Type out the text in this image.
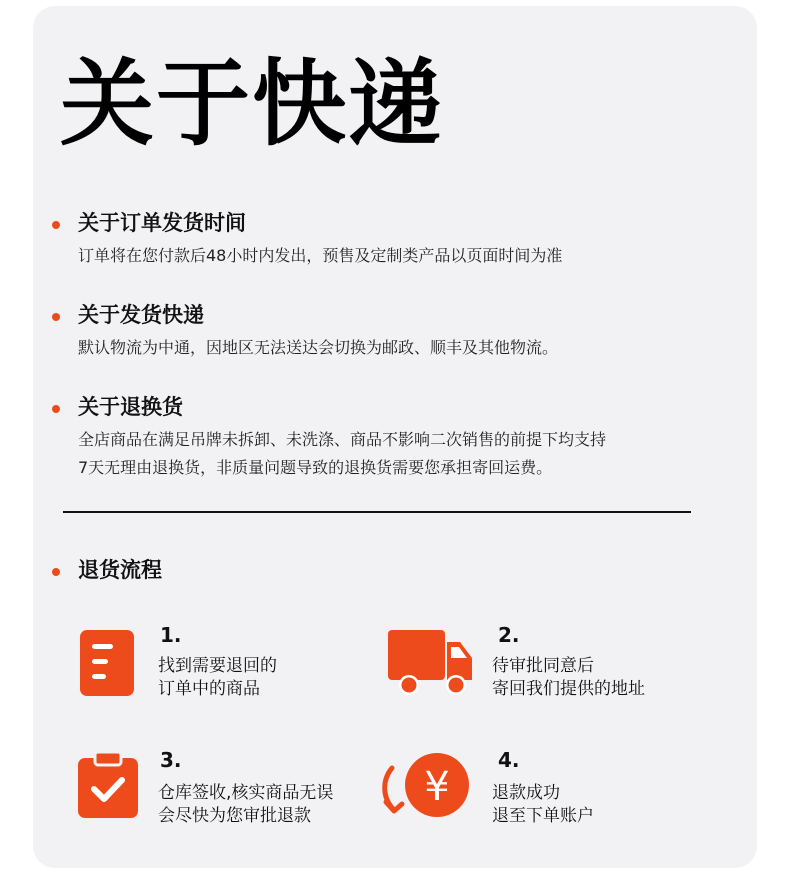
关于快递
关于订单发货时间
订单将在您付款后48小时内发出，预售及定制类产品以页面时间为准
关于发货快递
默认物流为中通，因地区无法送达会切换为邮政、顺丰及其他物流。
关于退换货
全店商品在满足吊牌未拆卸、未洗涤、商品不影响二次销售的前提下均支持
7天无理由退换货，非质量问题导致的退换货需要您承担寄回运费。
退货流程
1.
找到需要退回的
订单中的商品
2.
待审批同意后
寄回我们提供的地址
3.
仓库签收,核实商品无误
会尽快为您审批退款
¥
4.
退款成功
退至下单账户
